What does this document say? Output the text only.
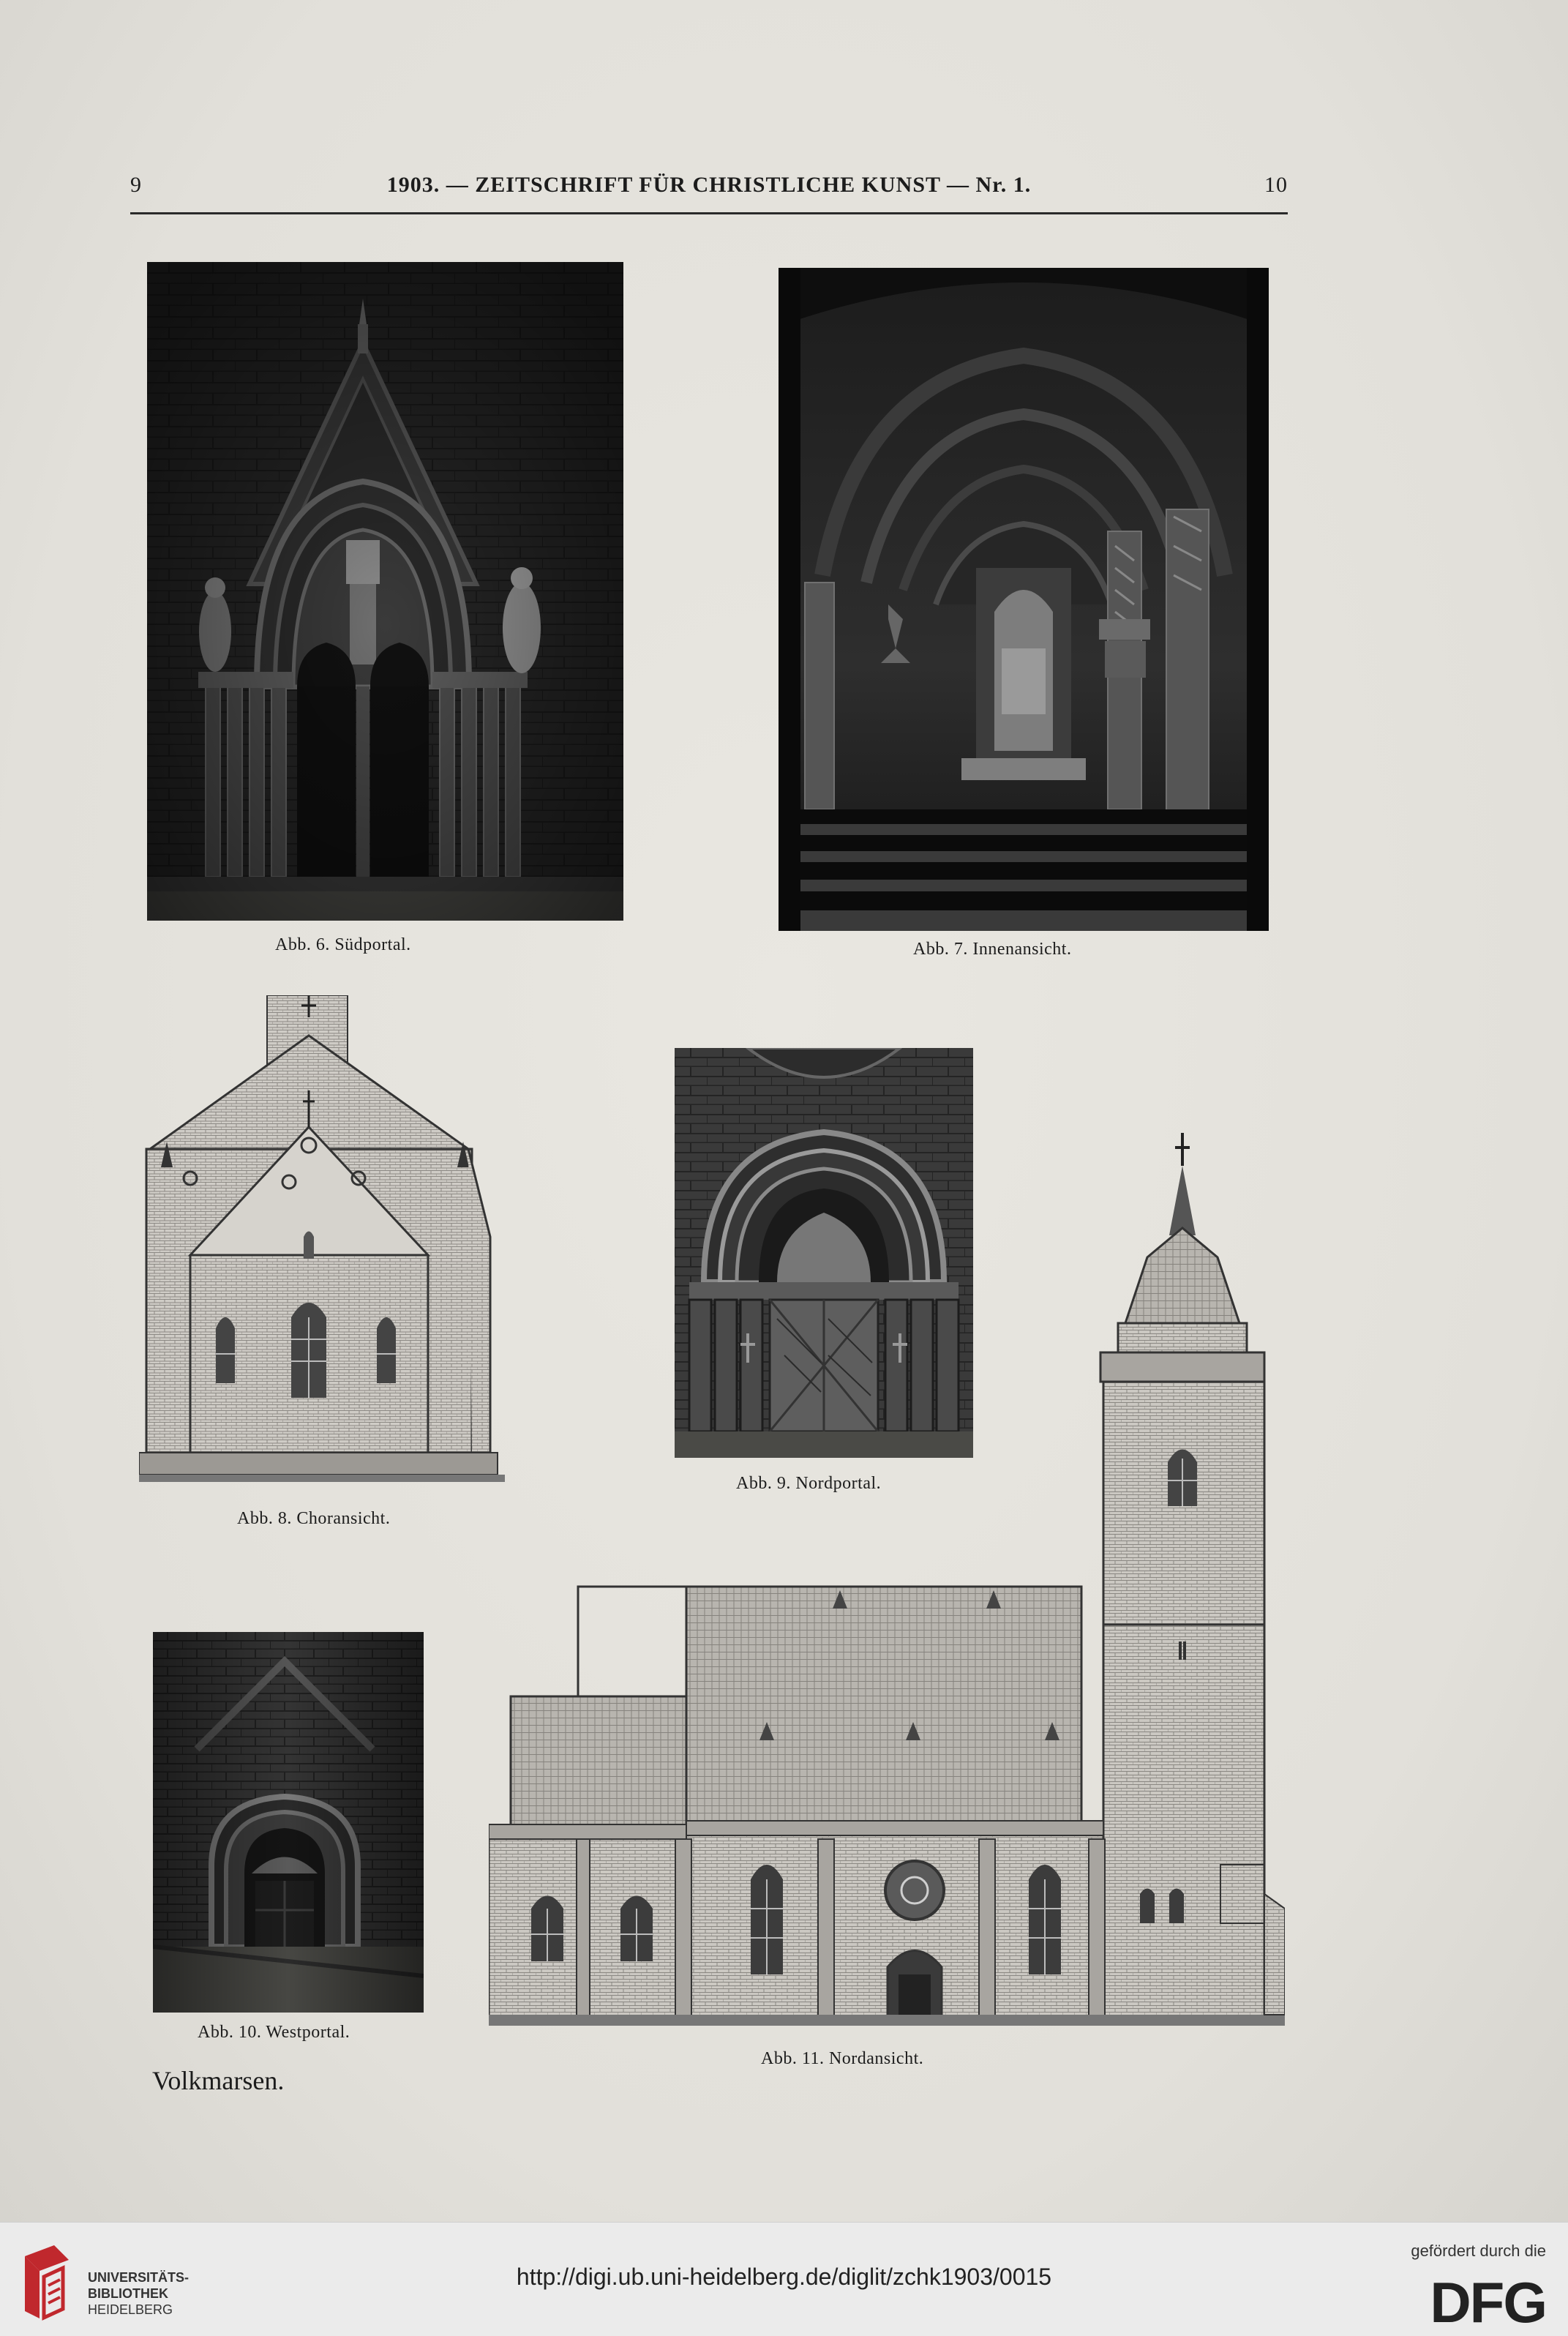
9	1903. — ZEITSCHRIFT FÜR CHRISTLICHE KUNST — Nr. 1.	10
Abb. 6. Südportal.	Abb. 7. Innenansicht.
Abb. 8. Choransicht.
Abb. 9. Nordportal.
Abb. 10. Westportal.
Abb. 11. Nordansicht.
Volkmarsen.
UNIVERSITÄTS-
BIBLIOTHEK
HEIDELBERG
http://digi.ub.uni-heidelberg.de/diglit/zchk1903/0015
gefördert durch die
DFG
